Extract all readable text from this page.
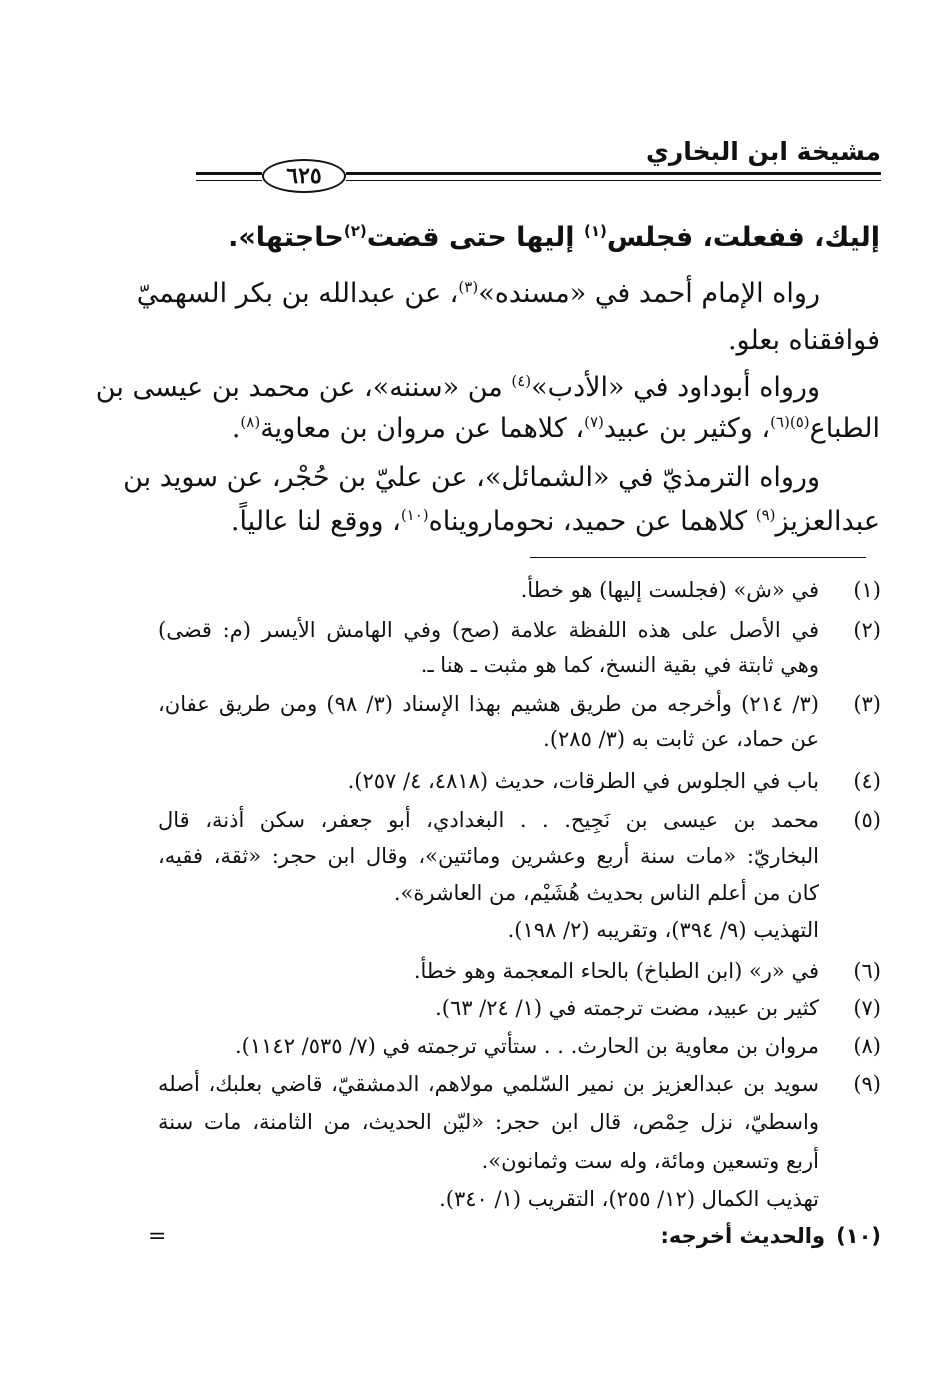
مشيخة ابن البخاري
٦٢٥
إليك، ففعلت، فجلس$^{(١)}$ إليها حتى قضت$^{(٢)}$حاجتها».
رواه الإمام أحمد في «مسنده»$^{(٣)}$، عن عبدالله بن بكر السهميّ
فوافقناه بعلو.
ورواه أبوداود في «الأدب»$^{(٤)}$ من «سننه»، عن محمد بن عيسى بن
الطباع$^{(٥)(٦)}$، وكثير بن عبيد$^{(٧)}$، كلاهما عن مروان بن معاوية$^{(٨)}$.
ورواه الترمذيّ في «الشمائل»، عن عليّ بن حُجْر، عن سويد بن
عبدالعزيز$^{(٩)}$ كلاهما عن حميد، نحومارويناه$^{(١٠)}$، ووقع لنا عالياً.
(١)
في «ش» (فجلست إليها) هو خطأ.
(٢)
في الأصل على هذه اللفظة علامة (صح) وفي الهامش الأيسر (م: قضى)
وهي ثابتة في بقية النسخ، كما هو مثبت ـ هنا ـ.
(٣)
(٣/ ٢١٤) وأخرجه من طريق هشيم بهذا الإسناد (٣/ ٩٨) ومن طريق عفان،
عن حماد، عن ثابت به (٣/ ٢٨٥).
(٤)
باب في الجلوس في الطرقات، حديث (٤٨١٨، ٤/ ٢٥٧).
(٥)
محمد بن عيسى بن نَجِيح. . . البغدادي، أبو جعفر، سكن أذنة، قال
البخاريّ: «مات سنة أربع وعشرين ومائتين»، وقال ابن حجر: «ثقة، فقيه،
كان من أعلم الناس بحديث هُشَيْم، من العاشرة».
التهذيب (٩/ ٣٩٤)، وتقريبه (٢/ ١٩٨).
(٦)
في «ر» (ابن الطباخ) بالحاء المعجمة وهو خطأ.
(٧)
كثير بن عبيد، مضت ترجمته في (١/ ٢٤/ ٦٣).
(٨)
مروان بن معاوية بن الحارث. . . ستأتي ترجمته في (٧/ ٥٣٥/ ١١٤٢).
(٩)
سويد بن عبدالعزيز بن نمير السّلمي مولاهم، الدمشقيّ، قاضي بعلبك، أصله
واسطيّ، نزل حِمْص، قال ابن حجر: «ليّن الحديث، من الثامنة، مات سنة
أربع وتسعين ومائة، وله ست وثمانون».
تهذيب الكمال (١٢/ ٢٥٥)، التقريب (١/ ٣٤٠).
(١٠)
والحديث أخرجه:
=
